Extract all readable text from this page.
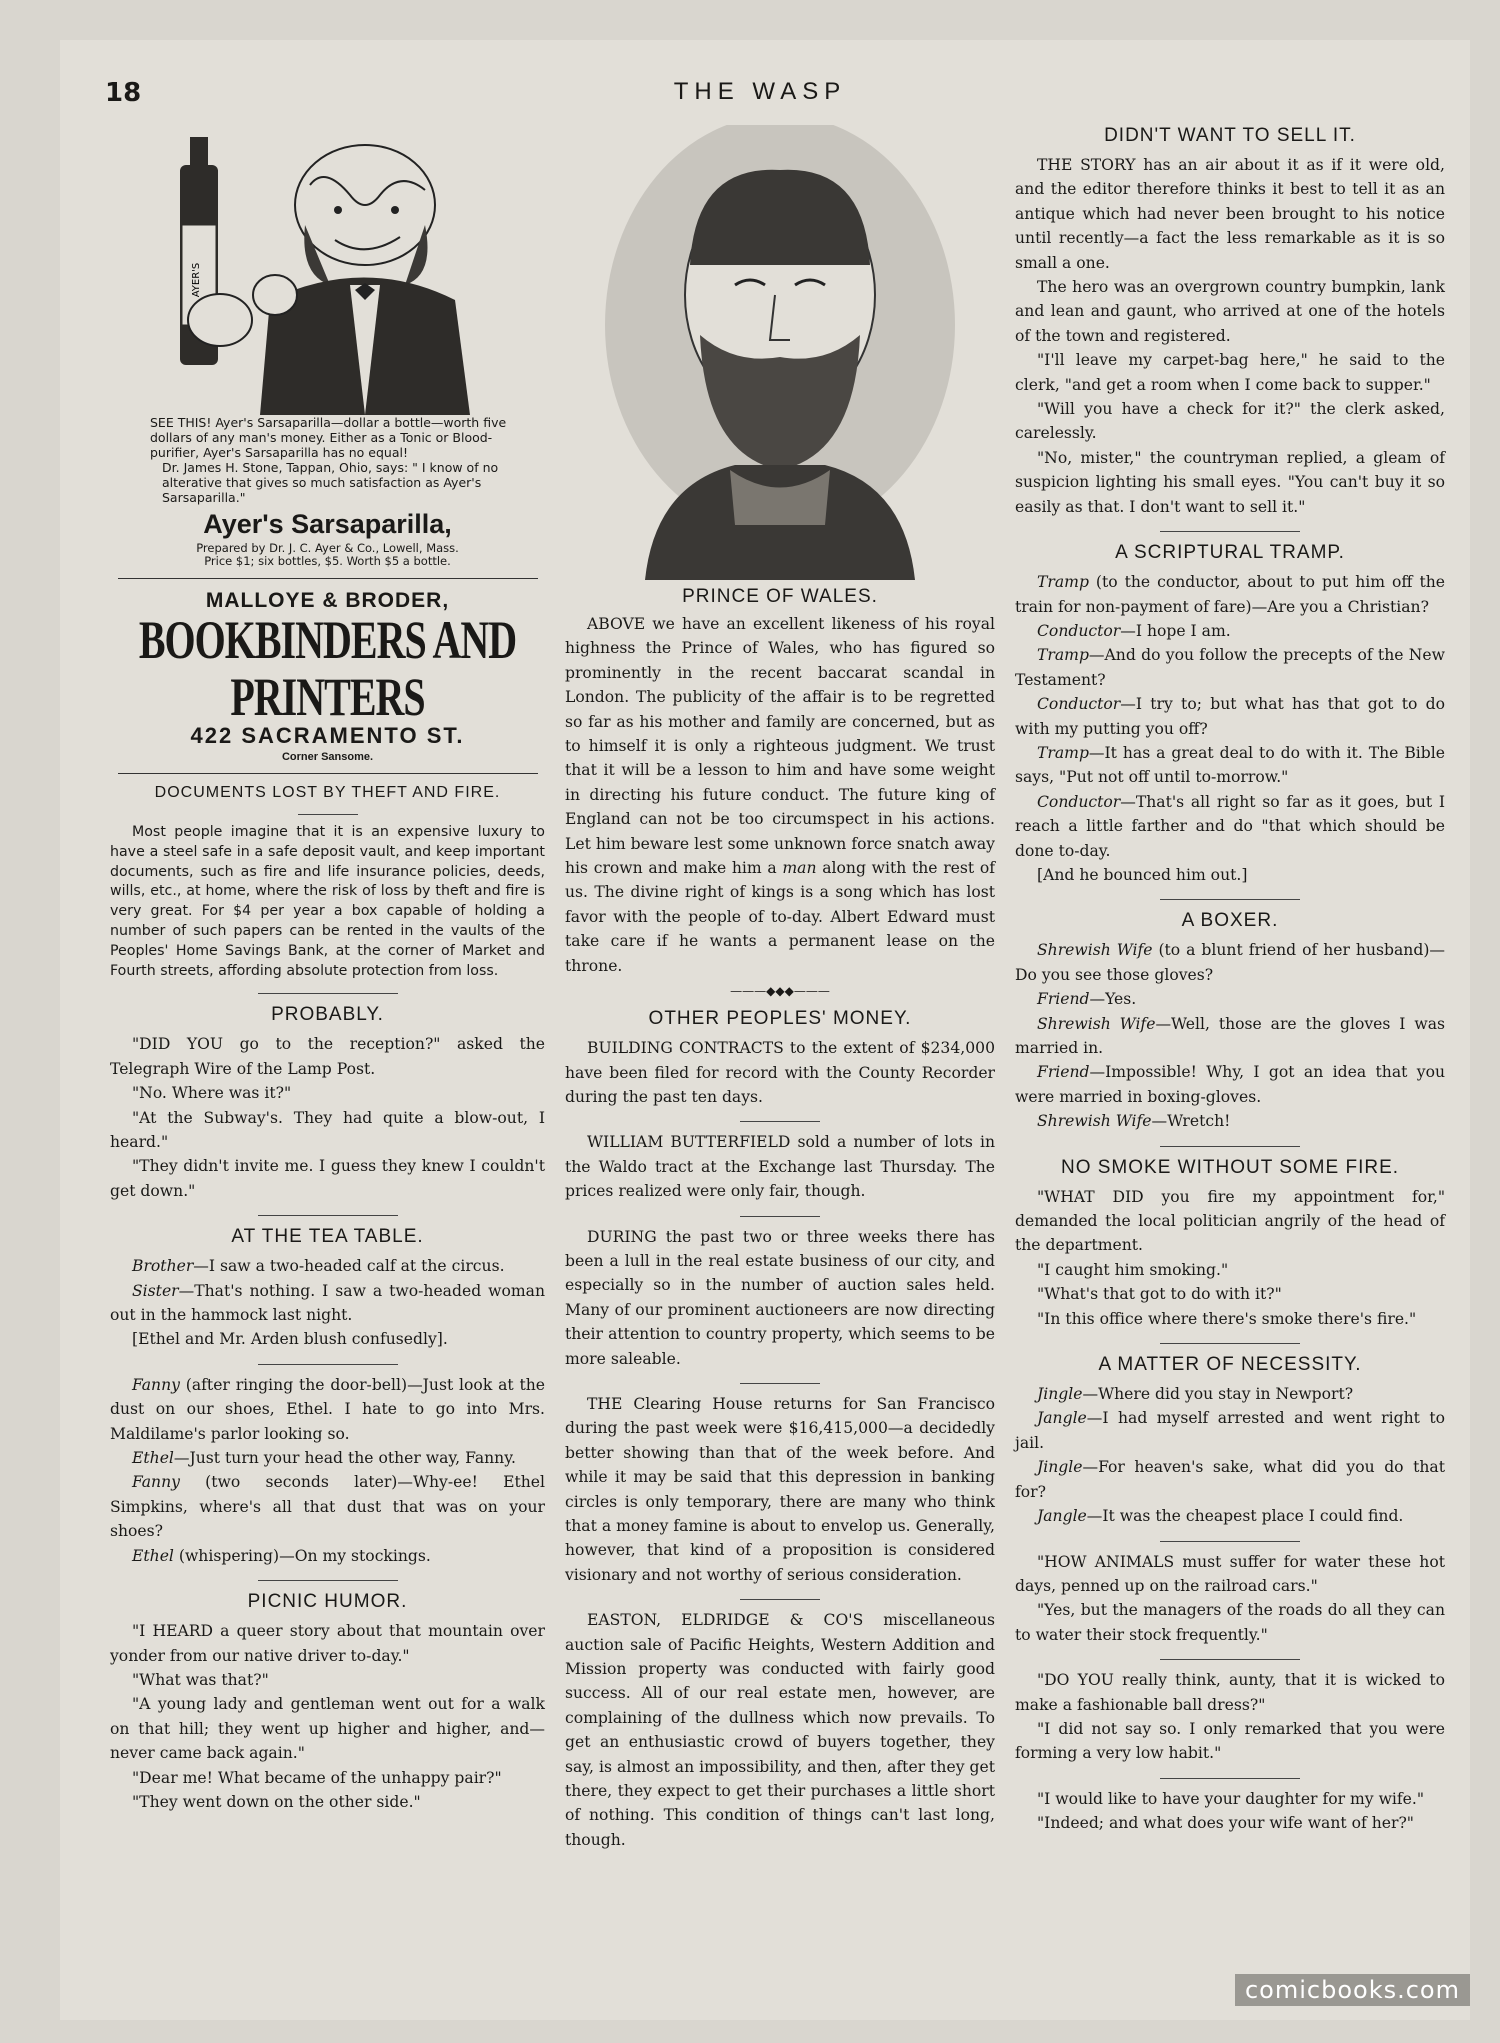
18	THE WASP
AYER'S
SEE THIS! Ayer's Sarsaparilla—dollar a bottle—worth five dollars of any man's money. Either as a Tonic or Blood-purifier, Ayer's Sarsaparilla has no equal!
Dr. James H. Stone, Tappan, Ohio, says: " I know of no alterative that gives so much satisfaction as Ayer's Sarsaparilla."
Ayer's Sarsaparilla,
Prepared by Dr. J. C. Ayer & Co., Lowell, Mass.
Price $1; six bottles, $5. Worth $5 a bottle.
MALLOYE & BRODER,
BOOKBINDERS AND PRINTERS
422 SACRAMENTO ST.
Corner Sansome.
DOCUMENTS LOST BY THEFT AND FIRE.

Most people imagine that it is an expensive luxury to have a steel safe in a safe deposit vault, and keep important documents, such as fire and life insurance policies, deeds, wills, etc., at home, where the risk of loss by theft and fire is very great. For $4 per year a box capable of holding a number of such papers can be rented in the vaults of the Peoples' Home Savings Bank, at the corner of Market and Fourth streets, affording absolute protection from loss.

PROBABLY.

"DID YOU go to the reception?" asked the Telegraph Wire of the Lamp Post.

"No. Where was it?"

"At the Subway's. They had quite a blow-out, I heard."

"They didn't invite me. I guess they knew I couldn't get down."

AT THE TEA TABLE.

Brother—I saw a two-headed calf at the circus.

Sister—That's nothing. I saw a two-headed woman out in the hammock last night.

[Ethel and Mr. Arden blush confusedly].

Fanny (after ringing the door-bell)—Just look at the dust on our shoes, Ethel. I hate to go into Mrs. Maldilame's parlor looking so.

Ethel—Just turn your head the other way, Fanny.

Fanny (two seconds later)—Why-ee! Ethel Simpkins, where's all that dust that was on your shoes?

Ethel (whispering)—On my stockings.

PICNIC HUMOR.

"I HEARD a queer story about that mountain over yonder from our native driver to-day."

"What was that?"

"A young lady and gentleman went out for a walk on that hill; they went up higher and higher, and—never came back again."

"Dear me! What became of the unhappy pair?"

"They went down on the other side."

PRINCE OF WALES.

ABOVE we have an excellent likeness of his royal highness the Prince of Wales, who has figured so prominently in the recent baccarat scandal in London. The publicity of the affair is to be regretted so far as his mother and family are concerned, but as to himself it is only a righteous judgment. We trust that it will be a lesson to him and have some weight in directing his future conduct. The future king of England can not be too circumspect in his actions. Let him beware lest some unknown force snatch away his crown and make him a man along with the rest of us. The divine right of kings is a song which has lost favor with the people of to-day. Albert Edward must take care if he wants a permanent lease on the throne.

———◆◆◆———
OTHER PEOPLES' MONEY.

BUILDING CONTRACTS to the extent of $234,000 have been filed for record with the County Recorder during the past ten days.

WILLIAM BUTTERFIELD sold a number of lots in the Waldo tract at the Exchange last Thursday. The prices realized were only fair, though.

DURING the past two or three weeks there has been a lull in the real estate business of our city, and especially so in the number of auction sales held. Many of our prominent auctioneers are now directing their attention to country property, which seems to be more saleable.

THE Clearing House returns for San Francisco during the past week were $16,415,000—a decidedly better showing than that of the week before. And while it may be said that this depression in banking circles is only temporary, there are many who think that a money famine is about to envelop us. Generally, however, that kind of a proposition is considered visionary and not worthy of serious consideration.

EASTON, ELDRIDGE & CO'S miscellaneous auction sale of Pacific Heights, Western Addition and Mission property was conducted with fairly good success. All of our real estate men, however, are complaining of the dullness which now prevails. To get an enthusiastic crowd of buyers together, they say, is almost an impossibility, and then, after they get there, they expect to get their purchases a little short of nothing. This condition of things can't last long, though.

DIDN'T WANT TO SELL IT.

THE STORY has an air about it as if it were old, and the editor therefore thinks it best to tell it as an antique which had never been brought to his notice until recently—a fact the less remarkable as it is so small a one.

The hero was an overgrown country bumpkin, lank and lean and gaunt, who arrived at one of the hotels of the town and registered.

"I'll leave my carpet-bag here," he said to the clerk, "and get a room when I come back to supper."

"Will you have a check for it?" the clerk asked, carelessly.

"No, mister," the countryman replied, a gleam of suspicion lighting his small eyes. "You can't buy it so easily as that. I don't want to sell it."

A SCRIPTURAL TRAMP.

Tramp (to the conductor, about to put him off the train for non-payment of fare)—Are you a Christian?

Conductor—I hope I am.

Tramp—And do you follow the precepts of the New Testament?

Conductor—I try to; but what has that got to do with my putting you off?

Tramp—It has a great deal to do with it. The Bible says, "Put not off until to-morrow."

Conductor—That's all right so far as it goes, but I reach a little farther and do "that which should be done to-day.

[And he bounced him out.]

A BOXER.

Shrewish Wife (to a blunt friend of her husband)—Do you see those gloves?

Friend—Yes.

Shrewish Wife—Well, those are the gloves I was married in.

Friend—Impossible! Why, I got an idea that you were married in boxing-gloves.

Shrewish Wife—Wretch!

NO SMOKE WITHOUT SOME FIRE.

"WHAT DID you fire my appointment for," demanded the local politician angrily of the head of the department.

"I caught him smoking."

"What's that got to do with it?"

"In this office where there's smoke there's fire."

A MATTER OF NECESSITY.

Jingle—Where did you stay in Newport?

Jangle—I had myself arrested and went right to jail.

Jingle—For heaven's sake, what did you do that for?

Jangle—It was the cheapest place I could find.

"HOW ANIMALS must suffer for water these hot days, penned up on the railroad cars."

"Yes, but the managers of the roads do all they can to water their stock frequently."

"DO YOU really think, aunty, that it is wicked to make a fashionable ball dress?"

"I did not say so. I only remarked that you were forming a very low habit."

"I would like to have your daughter for my wife."

"Indeed; and what does your wife want of her?"

comicbooks.com
